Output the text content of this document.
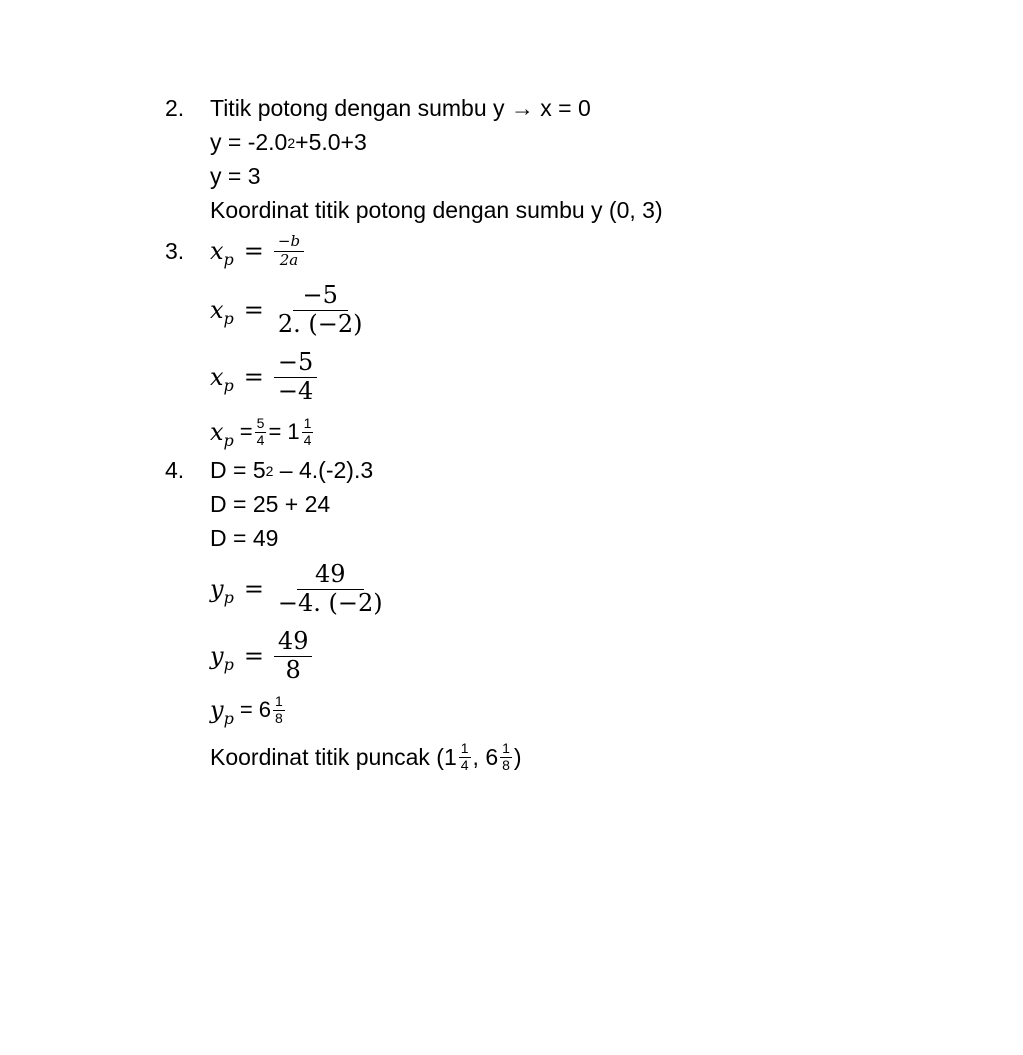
2. Titik potong dengan sumbu y → x = 0
$y = -2.0^2+5.0+3$
y = 3
Koordinat titik potong dengan sumbu y (0, 3)
3. $x_p = \frac{-b}{2a}$
$x_p = \frac{-5}{2. (-2)}$
$x_p = \frac{-5}{-4}$
$x_p = \frac{5}{4} = 1 \frac{1}{4}$
4. $D = 5^2 - 4.(-2).3$
D = 25 + 24
D = 49
$y_p = \frac{49}{-4. (-2)}$
$y_p = \frac{49}{8}$
$y_p = 6 \frac{1}{8}$
Koordinat titik puncak ($1 \frac{1}{4}$ , $6 \frac{1}{8}$ )
